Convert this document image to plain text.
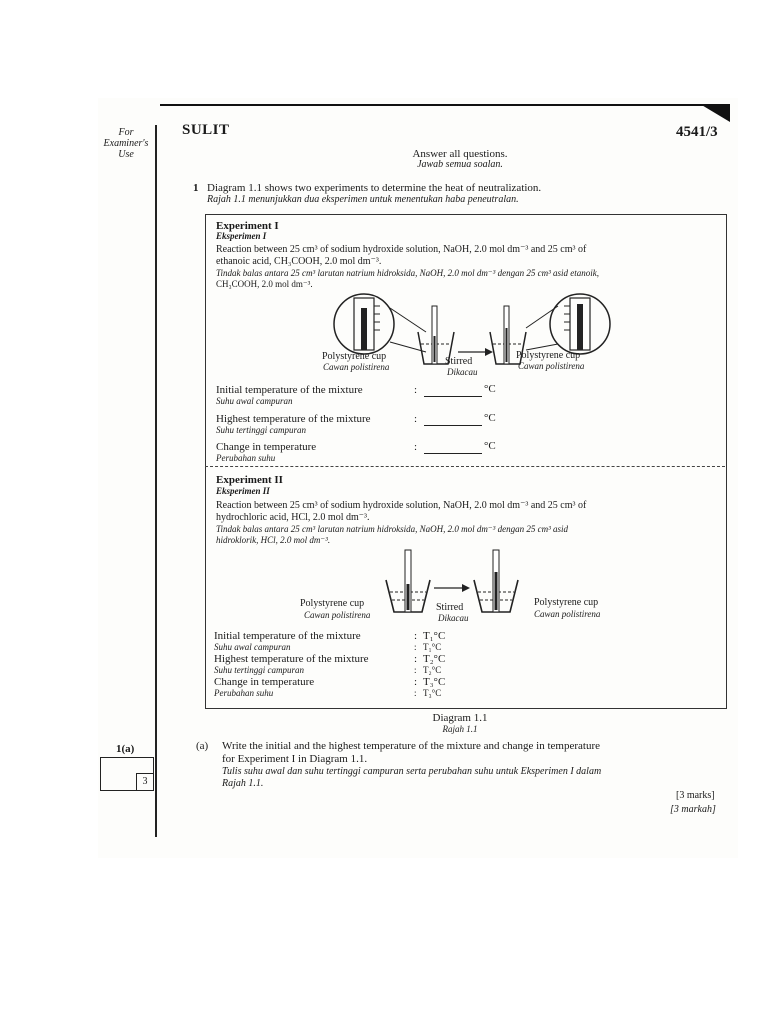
For
Examiner's
Use
SULIT	4541/3
Answer all questions.
Jawab semua soalan.
1 Diagram 1.1 shows two experiments to determine the heat of neutralization.
Rajah 1.1 menunjukkan dua eksperimen untuk menentukan haba peneutralan.
Experiment I
Eksperimen I
Reaction between 25 cm³ of sodium hydroxide solution, NaOH, 2.0 mol dm⁻³ and 25 cm³ of
ethanoic acid, CH₃COOH, 2.0 mol dm⁻³.
Tindak balas antara 25 cm³ larutan natrium hidroksida, NaOH, 2.0 mol dm⁻³ dengan 25 cm³ asid etanoik,
CH₃COOH, 2.0 mol dm⁻³.
Polystyrene cup
Cawan polistirena	Stirred
Dikacau
Polystyrene cup
Cawan polistirena
Initial temperature of the mixture
Suhu awal campuran
:	°C
Highest temperature of the mixture
Suhu tertinggi campuran
:	°C
Change in temperature
Perubahan suhu
:	°C
Experiment II
Eksperimen II
Reaction between 25 cm³ of sodium hydroxide solution, NaOH, 2.0 mol dm⁻³ and 25 cm³ of
hydrochloric acid, HCl, 2.0 mol dm⁻³.
Tindak balas antara 25 cm³ larutan natrium hidroksida, NaOH, 2.0 mol dm⁻³ dengan 25 cm³ asid
hidroklorik, HCl, 2.0 mol dm⁻³.
Polystyrene cup
Cawan polistirena
Stirred
Dikacau
Polystyrene cup
Cawan polistirena
Initial temperature of the mixture	: T₁°C
Suhu awal campuran	: T₁°C
Highest temperature of the mixture	: T₂°C
Suhu tertinggi campuran	: T₂°C
Change in temperature	: T₃°C
Perubahan suhu	: T₃°C
Diagram 1.1
Rajah 1.1
1(a)
3
(a) Write the initial and the highest temperature of the mixture and change in temperature
for Experiment I in Diagram 1.1.
Tulis suhu awal dan suhu tertinggi campuran serta perubahan suhu untuk Eksperimen I dalam
Rajah 1.1.
[3 marks]
[3 markah]
